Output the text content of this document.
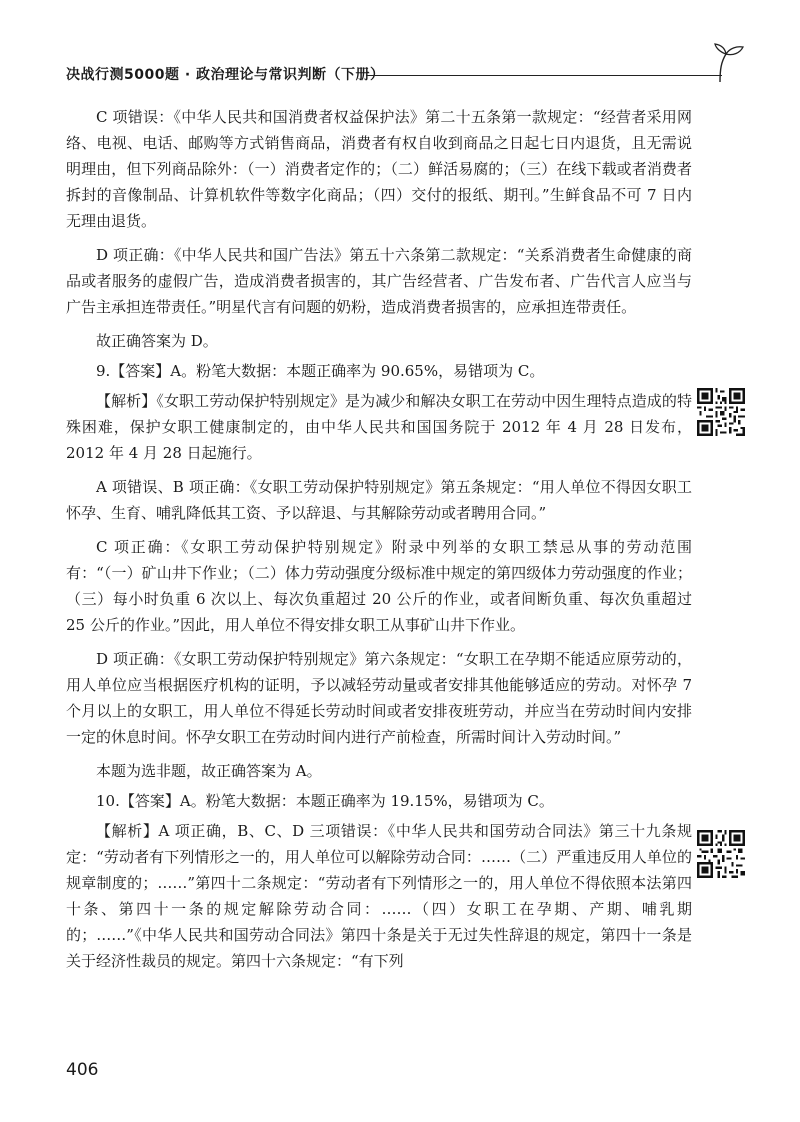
决战行测5000题 · 政治理论与常识判断（下册）

C 项错误：《中华人民共和国消费者权益保护法》第二十五条第一款规定：“经营者采用网络、电视、电话、邮购等方式销售商品，消费者有权自收到商品之日起七日内退货，且无需说明理由，但下列商品除外：（一）消费者定作的；（二）鲜活易腐的；（三）在线下载或者消费者拆封的音像制品、计算机软件等数字化商品；（四）交付的报纸、期刊。”生鲜食品不可 7 日内无理由退货。

D 项正确：《中华人民共和国广告法》第五十六条第二款规定：“关系消费者生命健康的商品或者服务的虚假广告，造成消费者损害的，其广告经营者、广告发布者、广告代言人应当与广告主承担连带责任。”明星代言有问题的奶粉，造成消费者损害的，应承担连带责任。

故正确答案为 D。

9.【答案】A。粉笔大数据：本题正确率为 90.65%，易错项为 C。

【解析】《女职工劳动保护特别规定》是为减少和解决女职工在劳动中因生理特点造成的特殊困难，保护女职工健康制定的，由中华人民共和国国务院于 2012 年 4 月 28 日发布，2012 年 4 月 28 日起施行。

A 项错误、B 项正确：《女职工劳动保护特别规定》第五条规定：“用人单位不得因女职工怀孕、生育、哺乳降低其工资、予以辞退、与其解除劳动或者聘用合同。”

C 项正确：《女职工劳动保护特别规定》附录中列举的女职工禁忌从事的劳动范围有：“（一）矿山井下作业；（二）体力劳动强度分级标准中规定的第四级体力劳动强度的作业；（三）每小时负重 6 次以上、每次负重超过 20 公斤的作业，或者间断负重、每次负重超过 25 公斤的作业。”因此，用人单位不得安排女职工从事矿山井下作业。

D 项正确：《女职工劳动保护特别规定》第六条规定：“女职工在孕期不能适应原劳动的，用人单位应当根据医疗机构的证明，予以减轻劳动量或者安排其他能够适应的劳动。对怀孕 7 个月以上的女职工，用人单位不得延长劳动时间或者安排夜班劳动，并应当在劳动时间内安排一定的休息时间。怀孕女职工在劳动时间内进行产前检查，所需时间计入劳动时间。”

本题为选非题，故正确答案为 A。

10.【答案】A。粉笔大数据：本题正确率为 19.15%，易错项为 C。

【解析】A 项正确，B、C、D 三项错误：《中华人民共和国劳动合同法》第三十九条规定：“劳动者有下列情形之一的，用人单位可以解除劳动合同：……（二）严重违反用人单位的规章制度的；……”第四十二条规定：“劳动者有下列情形之一的，用人单位不得依照本法第四十条、第四十一条的规定解除劳动合同：……（四）女职工在孕期、产期、哺乳期的；……”《中华人民共和国劳动合同法》第四十条是关于无过失性辞退的规定，第四十一条是关于经济性裁员的规定。第四十六条规定：“有下列

406
